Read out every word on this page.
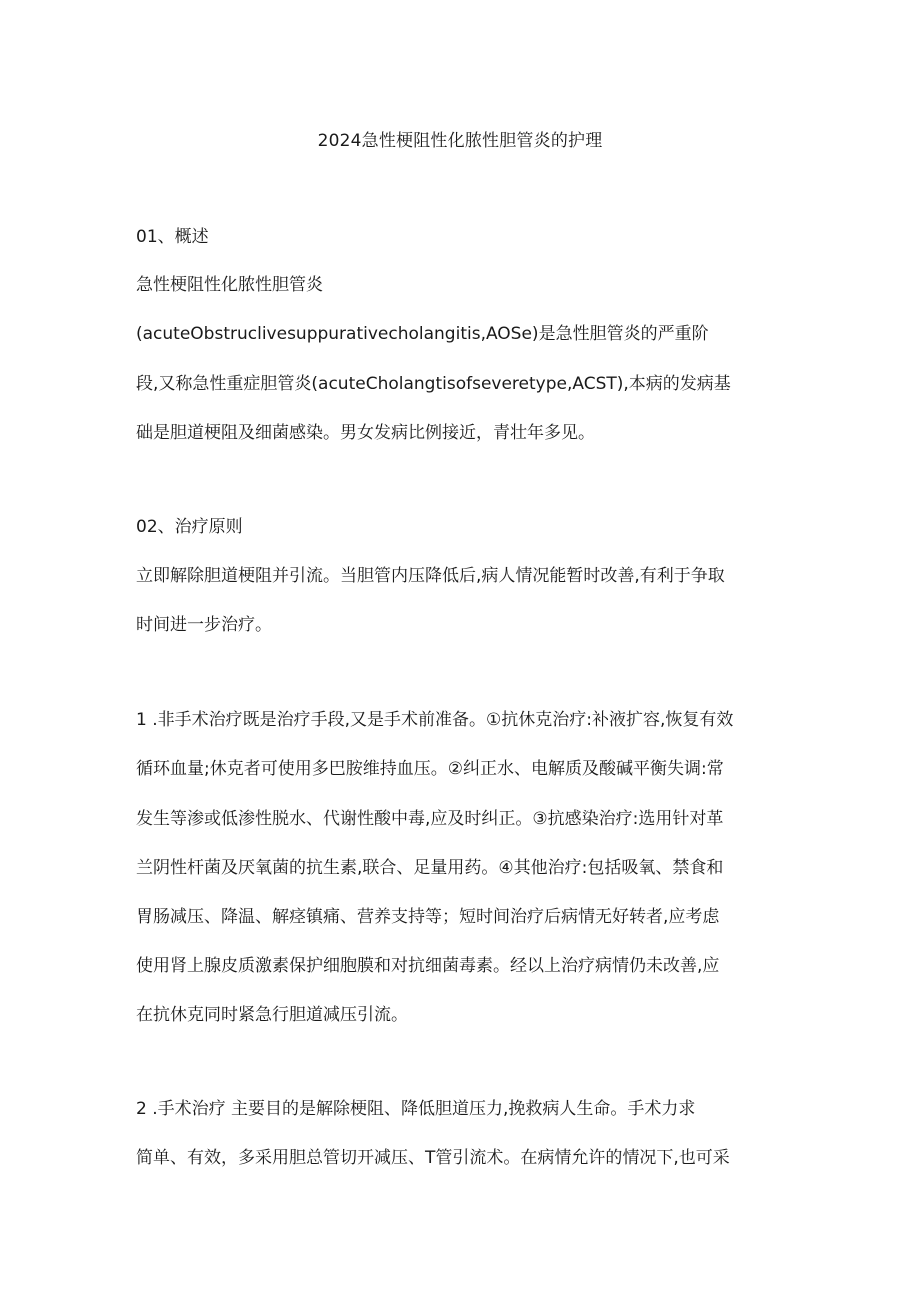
2024急性梗阻性化脓性胆管炎的护理
01、概述
急性梗阻性化脓性胆管炎
(acuteObstruclivesuppurativecholangitis,AOSe)是急性胆管炎的严重阶
段,又称急性重症胆管炎(acuteCholangtisofseveretype,ACST),本病的发病基
础是胆道梗阻及细菌感染。男女发病比例接近，青壮年多见。
02、治疗原则
立即解除胆道梗阻并引流。当胆管内压降低后,病人情况能暂时改善,有利于争取
时间进一步治疗。
1 .非手术治疗既是治疗手段,又是手术前准备。①抗休克治疗:补液扩容,恢复有效
循环血量;休克者可使用多巴胺维持血压。②纠正水、电解质及酸碱平衡失调:常
发生等渗或低渗性脱水、代谢性酸中毒,应及时纠正。③抗感染治疗:选用针对革
兰阴性杆菌及厌氧菌的抗生素,联合、足量用药。④其他治疗:包括吸氧、禁食和
胃肠减压、降温、解痉镇痛、营养支持等；短时间治疗后病情无好转者,应考虑
使用肾上腺皮质激素保护细胞膜和对抗细菌毒素。经以上治疗病情仍未改善,应
在抗休克同时紧急行胆道减压引流。
2 .手术治疗 主要目的是解除梗阻、降低胆道压力,挽救病人生命。手术力求
简单、有效，多采用胆总管切开减压、T管引流术。在病情允许的情况下,也可采
